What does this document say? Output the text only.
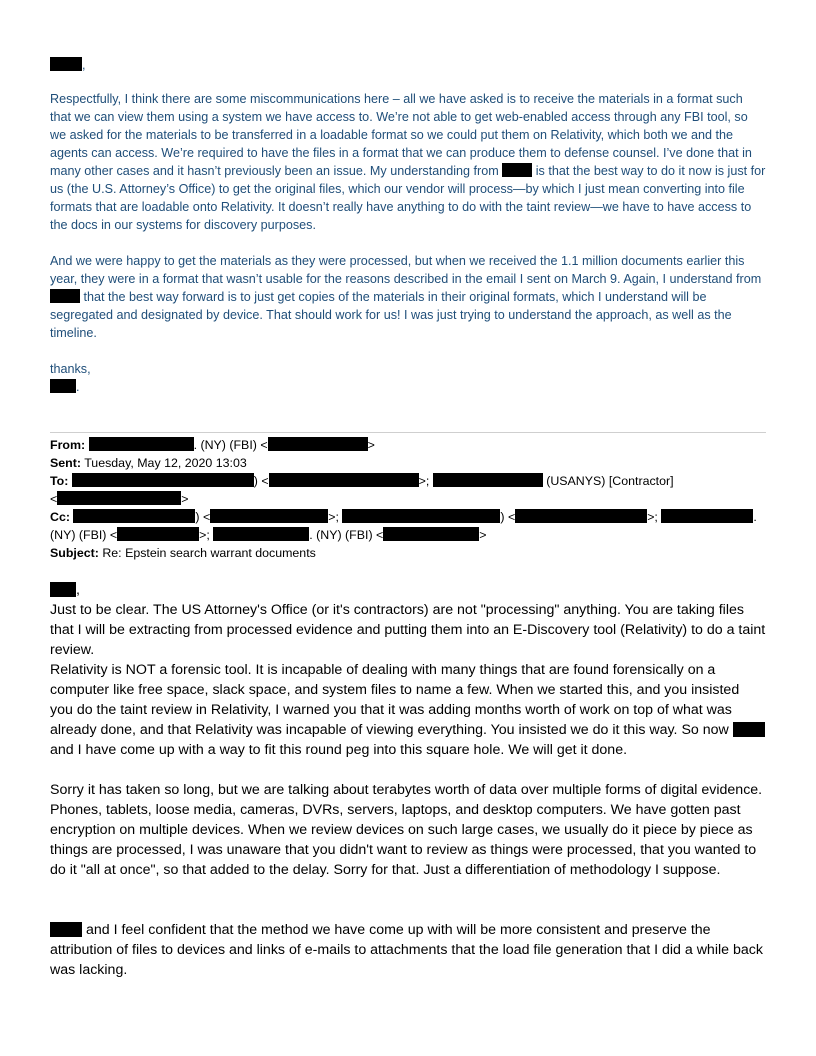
,

Respectfully, I think there are some miscommunications here – all we have asked is to receive the materials in a format such that we can view them using a system we have access to. We’re not able to get web-enabled access through any FBI tool, so we asked for the materials to be transferred in a loadable format so we could put them on Relativity, which both we and the agents can access. We’re required to have the files in a format that we can produce them to defense counsel. I’ve done that in many other cases and it hasn’t previously been an issue. My understanding from	is that the best way to do it now is just for us (the U.S. Attorney’s Office) to get the original files, which our vendor will process—by which I just mean converting into file formats that are loadable onto Relativity. It doesn’t really have anything to do with the taint review—we have to have access to the docs in our systems for discovery purposes.

And we were happy to get the materials as they were processed, but when we received the 1.1 million documents earlier this year, they were in a format that wasn’t usable for the reasons described in the email I sent on March 9. Again, I understand from  that the best way forward is to just get copies of the materials in their original formats, which I understand will be segregated and designated by device. That should work for us! I was just trying to understand the approach, as well as the timeline.

thanks,
.

From:	. (NY) (FBI) <	>

Sent: Tuesday, May 12, 2020 13:03

To:	) <	>;	(USANYS) [Contractor]

<	>

Cc:	) <	>;	) <	>;	.

(NY) (FBI) <	>;	. (NY) (FBI) <	>

Subject: Re: Epstein search warrant documents

,

Just to be clear. The US Attorney's Office (or it's contractors) are not "processing" anything. You are taking files that I will be extracting from processed evidence and putting them into an E-Discovery tool (Relativity) to do a taint review.

Relativity is NOT a forensic tool. It is incapable of dealing with many things that are found forensically on a computer like free space, slack space, and system files to name a few. When we started this, and you insisted you do the taint review in Relativity, I warned you that it was adding months worth of work on top of what was already done, and that Relativity was incapable of viewing everything. You insisted we do it this way. So now  and I have come up with a way to fit this round peg into this square hole. We will get it done.

Sorry it has taken so long, but we are talking about terabytes worth of data over multiple forms of digital evidence. Phones, tablets, loose media, cameras, DVRs, servers, laptops, and desktop computers. We have gotten past encryption on multiple devices. When we review devices on such large cases, we usually do it piece by piece as things are processed, I was unaware that you didn't want to review as things were processed, that you wanted to do it "all at once", so that added to the delay. Sorry for that. Just a differentiation of methodology I suppose.

and I feel confident that the method we have come up with will be more consistent and preserve the attribution of files to devices and links of e-mails to attachments that the load file generation that I did a while back was lacking.
